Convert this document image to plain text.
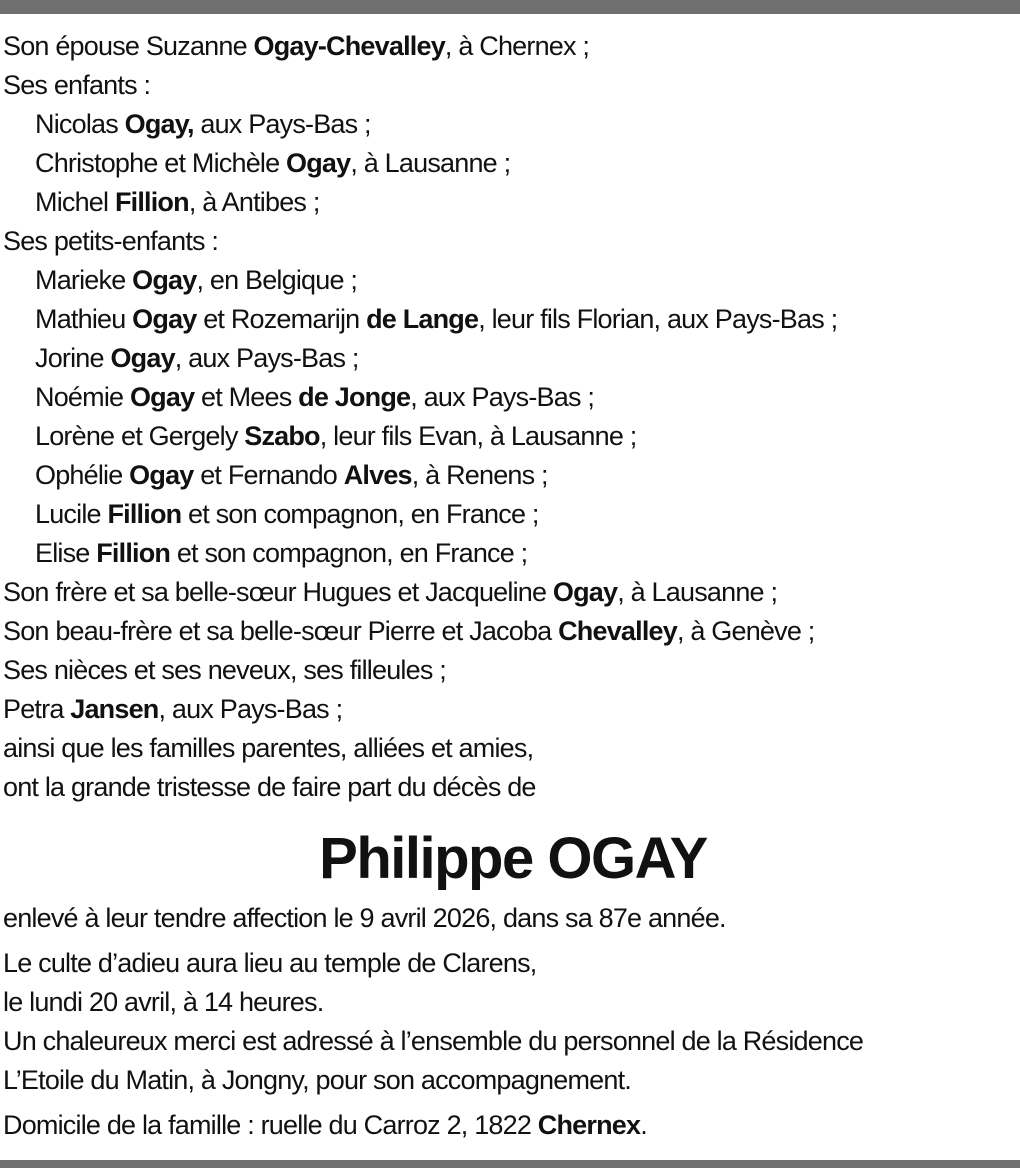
Son épouse Suzanne Ogay-Chevalley, à Chernex ;
Ses enfants :
Nicolas Ogay, aux Pays-Bas ;
Christophe et Michèle Ogay, à Lausanne ;
Michel Fillion, à Antibes ;
Ses petits-enfants :
Marieke Ogay, en Belgique ;
Mathieu Ogay et Rozemarijn de Lange, leur fils Florian, aux Pays-Bas ;
Jorine Ogay, aux Pays-Bas ;
Noémie Ogay et Mees de Jonge, aux Pays-Bas ;
Lorène et Gergely Szabo, leur fils Evan, à Lausanne ;
Ophélie Ogay et Fernando Alves, à Renens ;
Lucile Fillion et son compagnon, en France ;
Elise Fillion et son compagnon, en France ;
Son frère et sa belle-sœur Hugues et Jacqueline Ogay, à Lausanne ;
Son beau-frère et sa belle-sœur Pierre et Jacoba Chevalley, à Genève ;
Ses nièces et ses neveux, ses filleules ;
Petra Jansen, aux Pays-Bas ;
ainsi que les familles parentes, alliées et amies,
ont la grande tristesse de faire part du décès de
Philippe OGAY
enlevé à leur tendre affection le 9 avril 2026, dans sa 87e année.
Le culte d’adieu aura lieu au temple de Clarens,
le lundi 20 avril, à 14 heures.
Un chaleureux merci est adressé à l’ensemble du personnel de la Résidence
L’Etoile du Matin, à Jongny, pour son accompagnement.
Domicile de la famille : ruelle du Carroz 2, 1822 Chernex.
